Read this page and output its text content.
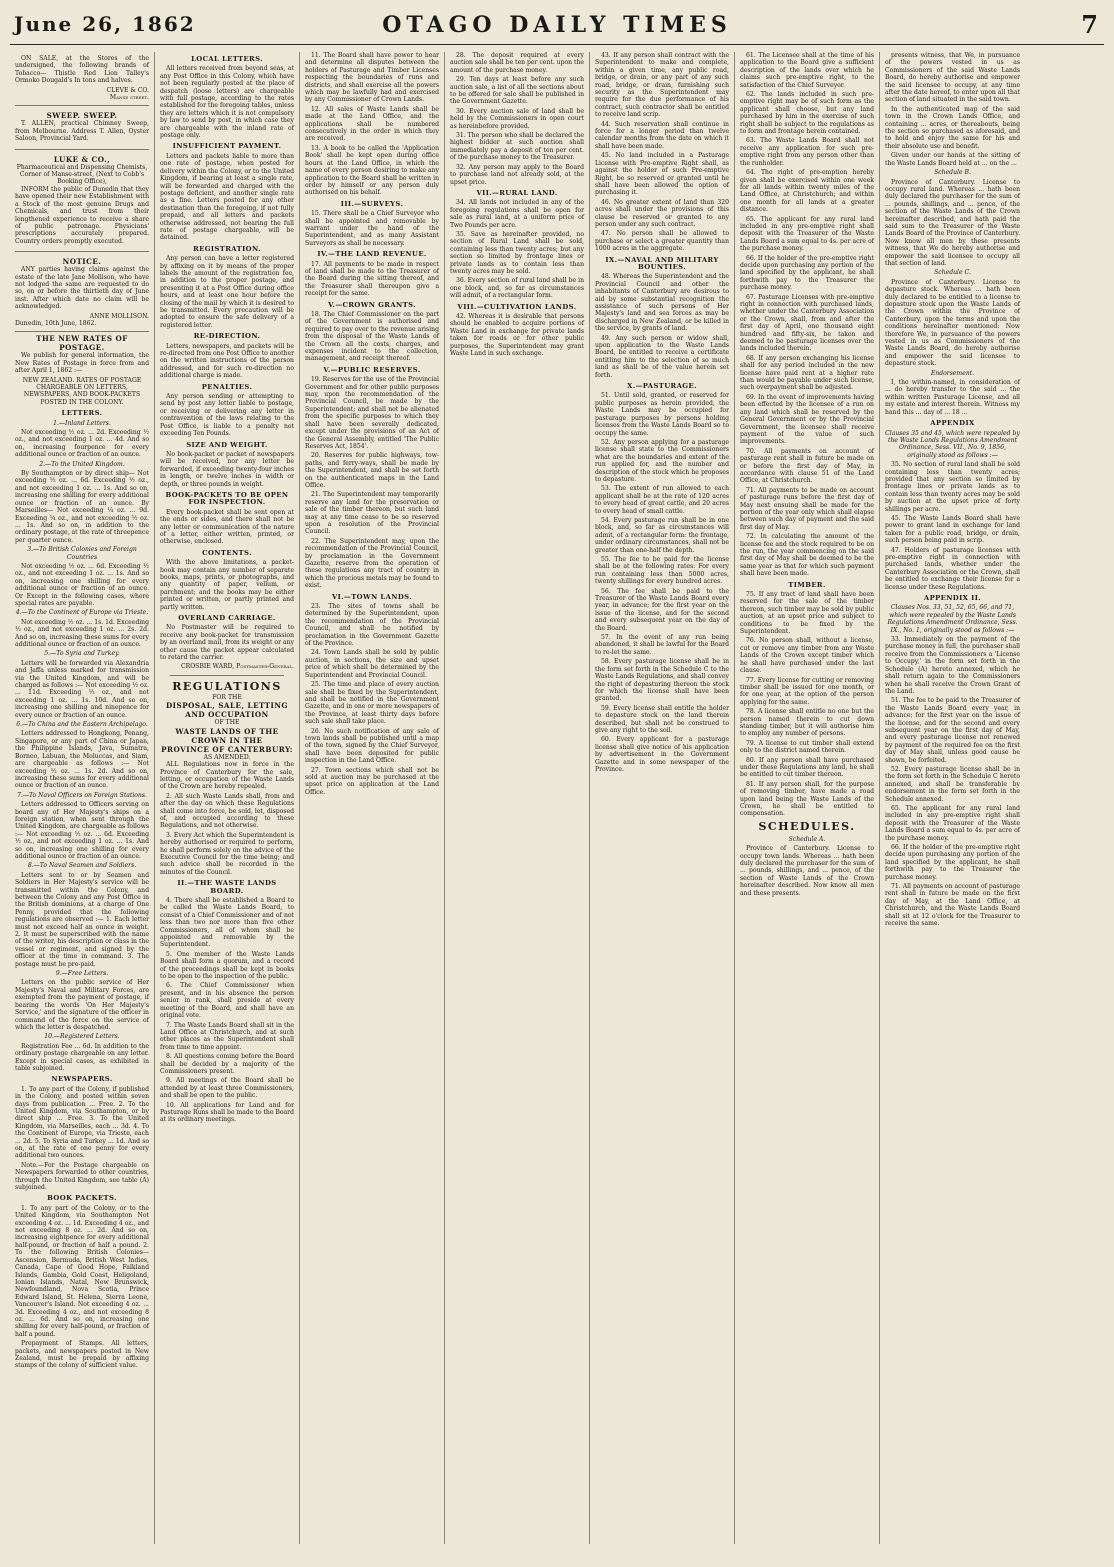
June 26, 1862	OTAGO DAILY TIMES	7

ON SALE, at the Stores of the undersigned, the following brands of Tobacco— Thistle Red Lion Talley's Ormoko Dougald's In tons and halves.

CLEVE & CO.
Manse street.
SWEEP. SWEEP.

T. ALLEN, practical Chimney Sweep, from Melbourne. Address T. Allen, Oyster Saloon, Provincial Yard.

LUKE & CO.,
Pharmaceutical and Dispensing Chemists, Corner of Manse-street, (Next to Cobb's Booking Office),

INFORM the public of Dunedin that they have opened their new Establishment with a Stock of the most genuine Drugs and Chemicals, and trust from their lengthened experience to receive a share of public patronage. Physicians' prescriptions accurately prepared. Country orders promptly executed.

NOTICE.

ANY parties having claims against the estate of the late Jane Mollison, who have not lodged the same are requested to do so, on or before the thirtieth day of June inst. After which date no claim will be acknowledged.

ANNE MOLLISON.
Dunedin, 10th June, 1862.
THE NEW RATES OF POSTAGE.

We publish for general information, the New Rates of Postage in force from and after April 1, 1862 :—

NEW ZEALAND. RATES OF POSTAGE CHARGEABLE ON LETTERS, NEWSPAPERS, AND BOOK-PACKETS POSTED IN THE COLONY.
LETTERS.
1.—Inland Letters.

Not exceeding ½ oz. ... 2d. Exceeding ½ oz., and not exceeding 1 oz. ... 4d. And so on, increasing fourpence for every additional ounce or fraction of an ounce.

2.—To the United Kingdom.

By Southampton or by direct ship— Not exceeding ½ oz. ... 6d. Exceeding ½ oz., and not exceeding 1 oz. ... 1s. And so on, increasing one shilling for every additional ounce or fraction of an ounce. By Marseilles— Not exceeding ¼ oz. ... 9d. Exceeding ¼ oz., and not exceeding ½ oz. ... 1s. And so on, in addition to the ordinary postage, at the rate of threepence per quarter ounce.

3.—To British Colonies and Foreign Countries

Not exceeding ½ oz. ... 6d. Exceeding ½ oz., and not exceeding 1 oz. ... 1s. And so on, increasing one shilling for every additional ounce or fraction of an ounce. Or Except in the following cases, where special rates are payable.

4.—To the Continent of Europe via Trieste.

Not exceeding ½ oz. ... 1s. 1d. Exceeding ½ oz., and not exceeding 1 oz. ... 2s. 2d. And so on, increasing these sums for every additional ounce or fraction of an ounce.

5.—To Syria and Turkey.

Letters will be forwarded via Alexandria and Jaffa unless marked for transmission via the United Kingdom, and will be charged as follows :— Not exceeding ½ oz. ... 11d. Exceeding ½ oz., and not exceeding 1 oz. ... 1s. 10d. And so on, increasing one shilling and ninepence for every ounce or fraction of an ounce.

6.—To China and the Eastern Archipelago.

Letters addressed to Hongkong, Penang, Singapore, or any part of China or Japan, the Philippine Islands, Java, Sumatra, Borneo, Labuan, the Moluccas, and Siam, are chargeable as follows :— Not exceeding ½ oz. ... 1s. 2d. And so on, increasing these sums for every additional ounce or fraction of an ounce.

7.—To Naval Officers on Foreign Stations.

Letters addressed to Officers serving on board any of Her Majesty's ships on a foreign station, when sent through the United Kingdom, are chargeable as follows :— Not exceeding ½ oz. ... 6d. Exceeding ½ oz., and not exceeding 1 oz. ... 1s. And so on, increasing one shilling for every additional ounce or fraction of an ounce.

8.—To Naval Seamen and Soldiers.

Letters sent to or by Seamen and Soldiers in Her Majesty's service will be transmitted within the Colony, and between the Colony and any Post Office in the British dominions, at a charge of One Penny, provided that the following regulations are observed :— 1. Each letter must not exceed half an ounce in weight. 2. It must be superscribed with the name of the writer, his description or class in the vessel or regiment, and signed by the officer at the time in command. 3. The postage must be pre-paid.

9.—Free Letters.

Letters on the public service of Her Majesty's Naval and Military Forces, are exempted from the payment of postage, if bearing the words 'On Her Majesty's Service,' and the signature of the officer in command of the force on the service of which the letter is despatched.

10.—Registered Letters.

Registration Fee ... 6d. In addition to the ordinary postage chargeable on any letter. Except in special cases, as exhibited in table subjoined.

NEWSPAPERS.

1. To any part of the Colony, if published in the Colony, and posted within seven days from publication ... Free. 2. To the United Kingdom, via Southampton, or by direct ship ... Free. 3. To the United Kingdom, via Marseilles, each ... 3d. 4. To the Continent of Europe, via Trieste, each ... 2d. 5. To Syria and Turkey ... 1d. And so on, at the rate of one penny for every additional two ounces.

Note.—For the Postage chargeable on Newspapers forwarded to other countries, through the United Kingdom, see table (A) subjoined.

BOOK PACKETS.

1. To any part of the Colony, or to the United Kingdom, via Southampton Not exceeding 4 oz. ... 1d. Exceeding 4 oz., and not exceeding 8 oz. ... 2d. And so on, increasing eightpence for every additional half-pound, or fraction of half a pound. 2. To the following British Colonies— Ascension, Bermuda, British West Indies, Canada, Cape of Good Hope, Falkland Islands, Gambia, Gold Coast, Heligoland, Ionian Islands, Natal, New Brunswick, Newfoundland, Nova Scotia, Prince Edward Island, St. Helena, Sierra Leone, Vancouver's Island. Not exceeding 4 oz. ... 3d. Exceeding 4 oz., and not exceeding 8 oz. ... 6d. And so on, increasing one shilling for every half-pound, or fraction of half a pound.

Prepayment of Stamps. All letters, packets, and newspapers posted in New Zealand, must be prepaid by affixing stamps of the colony of sufficient value.

LOCAL LETTERS.

All letters received from beyond seas, at any Post Office in this Colony, which have not been regularly posted at the place of despatch (loose letters) are chargeable with full postage, according to the rates established for the foregoing tables, unless they are letters which it is not compulsory by law to send by post, in which case they are chargeable with the inland rate of postage only.

INSUFFICIENT PAYMENT.

Letters and packets liable to more than one rate of postage, when posted for delivery within the Colony, or to the United Kingdom, if bearing at least a single rate, will be forwarded and charged with the postage deficient, and another single rate as a fine. Letters posted for any other destination than the foregoing, if not fully prepaid, and all letters and packets otherwise addressed, not bearing the full rate of postage chargeable, will be detained.

REGISTRATION.

Any person can have a letter registered by affixing on it by means of the proper labels the amount of the registration fee, in addition to the proper postage, and presenting it at a Post Office during office hours, and at least one hour before the closing of the mail by which it is desired to be transmitted. Every precaution will be adopted to ensure the safe delivery of a registered letter.

RE-DIRECTION.

Letters, newspapers, and packets will be re-directed from one Post Office to another on the written instructions of the person addressed, and for such re-direction no additional charge is made.

PENALTIES.

Any person sending or attempting to send by post any letter liable to postage, or receiving or delivering any letter in contravention of the laws relating to the Post Office, is liable to a penalty not exceeding Ten Pounds.

SIZE AND WEIGHT.

No book-packet or packet of newspapers will be received, nor any letter be forwarded, if exceeding twenty-four inches in length, or twelve inches in width or depth, or three pounds in weight.

BOOK-PACKETS TO BE OPEN FOR INSPECTION.

Every book-packet shall be sent open at the ends or sides, and there shall not be any letter or communication of the nature of a letter, either written, printed, or otherwise, enclosed.

CONTENTS.

With the above limitations, a packet-book may contain any number of separate books, maps, prints, or photographs, and any quantity of paper, vellum, or parchment; and the books may be either printed or written, or partly printed and partly written.

OVERLAND CARRIAGE.

No Postmaster will be required to receive any book-packet for transmission by an overland mail, from its weight or any other cause the packet appear calculated to retard the carrier.

CROSBIE WARD, Postmaster-General.
REGULATIONS
FOR THE
DISPOSAL, SALE, LETTING AND OCCUPATION
OF THE
WASTE LANDS OF THE CROWN IN THE
PROVINCE OF CANTERBURY:
AS AMENDED.

ALL Regulations now in force in the Province of Canterbury for the sale, letting, or occupation of the Waste Lands of the Crown are hereby repealed.

2. All such Waste Lands shall, from and after the day on which these Regulations shall come into force, be sold, let, disposed of, and occupied according to these Regulations, and not otherwise.

3. Every Act which the Superintendent is hereby authorised or required to perform, he shall perform solely on the advice of the Executive Council for the time being; and such advice shall be recorded in the minutes of the Council.

II.—THE WASTE LANDS BOARD.

4. There shall be established a Board to be called the Waste Lands Board, to consist of a Chief Commissioner and of not less than two nor more than five other Commissioners, all of whom shall be appointed and removable by the Superintendent.

5. One member of the Waste Lands Board shall form a quorum, and a record of the proceedings shall be kept in books to be open to the inspection of the public.

6. The Chief Commissioner when present, and in his absence the person senior in rank, shall preside at every meeting of the Board, and shall have an original vote.

7. The Waste Lands Board shall sit in the Land Office at Christchurch, and at such other places as the Superintendent shall from time to time appoint.

8. All questions coming before the Board shall be decided by a majority of the Commissioners present.

9. All meetings of the Board shall be attended by at least three Commissioners, and shall be open to the public.

10. All applications for Land and for Pasturage Runs shall be made to the Board at its ordinary meetings.

11. The Board shall have power to hear and determine all disputes between the holders of Pasturage and Timber Licenses respecting the boundaries of runs and districts, and shall exercise all the powers which may be lawfully had and exercised by any Commissioner of Crown Lands.

12. All sales of Waste Lands shall be made at the Land Office, and the applications shall be numbered consecutively in the order in which they are received.

13. A book to be called the 'Application Book' shall be kept open during office hours at the Land Office, in which the name of every person desiring to make any application to the Board shall be written in order by himself or any person duly authorised on his behalf.

III.—SURVEYS.

15. There shall be a Chief Surveyor who shall be appointed and removable by warrant under the hand of the Superintendent, and as many Assistant Surveyors as shall be necessary.

IV.—THE LAND REVENUE.

17. All payments to be made in respect of land shall be made to the Treasurer of the Board during the sitting thereof, and the Treasurer shall thereupon give a receipt for the same.

V.—CROWN GRANTS.

18. The Chief Commissioner on the part of the Government is authorised and required to pay over to the revenue arising from the disposal of the Waste Lands of the Crown all the costs, charges, and expenses incident to the collection, management, and receipt thereof.

V.—PUBLIC RESERVES.

19. Reserves for the use of the Provincial Government and for other public purposes may, upon the recommendation of the Provincial Council, be made by the Superintendent; and shall not be alienated from the specific purposes to which they shall have been severally dedicated, except under the provisions of an Act of the General Assembly, entitled 'The Public Reserves Act, 1854'.

20. Reserves for public highways, tow-paths, and ferry-ways, shall be made by the Superintendent, and shall be set forth on the authenticated maps in the Land Office.

21. The Superintendent may temporarily reserve any land for the preservation or sale of the timber thereon, but such land may at any time cease to be so reserved upon a resolution of the Provincial Council.

22. The Superintendent may, upon the recommendation of the Provincial Council, by proclamation in the Government Gazette, reserve from the operation of these regulations any tract of country in which the precious metals may be found to exist.

VI.—TOWN LANDS.

23. The sites of towns shall be determined by the Superintendent, upon the recommendation of the Provincial Council, and shall be notified by proclamation in the Government Gazette of the Province.

24. Town Lands shall be sold by public auction, in sections, the size and upset price of which shall be determined by the Superintendent and Provincial Council.

25. The time and place of every auction sale shall be fixed by the Superintendent, and shall be notified in the Government Gazette, and in one or more newspapers of the Province, at least thirty days before such sale shall take place.

26. No such notification of any sale of town lands shall be published until a map of the town, signed by the Chief Surveyor, shall have been deposited for public inspection in the Land Office.

27. Town sections which shall not be sold at auction may be purchased at the upset price on application at the Land Office.

28. The deposit required at every auction sale shall be ten per cent. upon the amount of the purchase money.

29. Ten days at least before any such auction sale, a list of all the sections about to be offered for sale shall be published in the Government Gazette.

30. Every auction sale of land shall be held by the Commissioners in open court as hereinbefore provided.

31. The person who shall be declared the highest bidder at such auction shall immediately pay a deposit of ten per cent. of the purchase money to the Treasurer.

32. Any person may apply to the Board to purchase land not already sold, at the upset price.

VII.—RURAL LAND.

34. All lands not included in any of the foregoing regulations shall be open for sale as rural land, at a uniform price of Two Pounds per acre.

35. Save as hereinafter provided, no section of Rural Land shall be sold, containing less than twenty acres; but any section so limited by frontage lines or private lands as to contain less than twenty acres may be sold.

36. Every section of rural land shall be in one block, and, so far as circumstances will admit, of a rectangular form.

VIII.—CULTIVATION LANDS.

42. Whereas it is desirable that persons should be enabled to acquire portions of Waste Land in exchange for private lands taken for roads or for other public purposes, the Superintendent may grant Waste Land in such exchange.

43. If any person shall contract with the Superintendent to make and complete, within a given time, any public road, bridge, or drain, or any part of any such road, bridge, or drain, furnishing such security as the Superintendent may require for the due performance of his contract, such contractor shall be entitled to receive land scrip.

44. Such reservation shall continue in force for a longer period than twelve calendar months from the date on which it shall have been made.

45. No land included in a Pasturage License with Pre-emptive Right shall, as against the holder of such Pre-emptive Right, be so reserved or granted until he shall have been allowed the option of purchasing it.

46. No greater extent of land than 320 acres shall under the provisions of this clause be reserved or granted to any person under any such contract.

47. No person shall be allowed to purchase or select a greater quantity than 1000 acres in the aggregate.

IX.—NAVAL AND MILITARY BOUNTIES.

48. Whereas the Superintendent and the Provincial Council and other the inhabitants of Canterbury are desirous to aid by some substantial recognition the assistance of such persons of Her Majesty's land and sea forces as may be discharged in New Zealand, or be killed in the service, by grants of land.

49. Any such person or widow shall, upon application to the Waste Lands Board, be entitled to receive a certificate entitling him to the selection of so much land as shall be of the value herein set forth.

X.—PASTURAGE.

51. Until sold, granted, or reserved for public purposes as herein provided, the Waste Lands may be occupied for pasturage purposes by persons holding licenses from the Waste Lands Board so to occupy the same.

52. Any person applying for a pasturage license shall state to the Commissioners what are the boundaries and extent of the run applied for, and the number and description of the stock which he proposes to depasture.

53. The extent of run allowed to each applicant shall be at the rate of 120 acres to every head of great cattle, and 20 acres to every head of small cattle.

54. Every pasturage run shall be in one block, and, so far as circumstances will admit, of a rectangular form: the frontage, under ordinary circumstances, shall not be greater than one-half the depth.

55. The fee to be paid for the license shall be at the following rates: For every run containing less than 5000 acres, twenty shillings for every hundred acres.

56. The fee shall be paid to the Treasurer of the Waste Lands Board every year, in advance; for the first year on the issue of the license, and for the second and every subsequent year on the day of the Board.

57. In the event of any run being abandoned, it shall be lawful for the Board to re-let the same.

58. Every pasturage license shall be in the form set forth in the Schedule C to the Waste Lands Regulations, and shall convey the right of depasturing thereon the stock for which the license shall have been granted.

59. Every license shall entitle the holder to depasture stock on the land therein described, but shall not be construed to give any right to the soil.

60. Every applicant for a pasturage license shall give notice of his application by advertisement in the Government Gazette and in some newspaper of the Province.

61. The Licensee shall at the time of his application to the Board give a sufficient description of the lands over which he claims such pre-emptive right, to the satisfaction of the Chief Surveyor.

62. The lands included in such pre-emptive right may be of such form as the applicant shall choose, but any land purchased by him in the exercise of such right shall be subject to the regulations as to form and frontage herein contained.

63. The Waste Lands Board shall not receive any application for such pre-emptive right from any person other than the runholder.

64. The right of pre-emption hereby given shall be exercised within one week for all lands within twenty miles of the Land Office, at Christchurch; and within one month for all lands at a greater distance.

65. The applicant for any rural land included in any pre-emptive right shall deposit with the Treasurer of the Waste Lands Board a sum equal to 4s. per acre of the purchase money.

66. If the holder of the pre-emptive right decide upon purchasing any portion of the land specified by the applicant, he shall forthwith pay to the Treasurer the purchase money.

67. Pasturage Licenses with pre-emptive right in connection with purchased lands, whether under the Canterbury Association or the Crown, shall, from and after the first day of April, one thousand eight hundred and fifty-six, be taken and deemed to be pasturage licenses over the lands included therein.

68. If any person exchanging his license shall for any period included in the new license have paid rent at a higher rate than would be payable under such license, such overpayment shall be adjusted.

69. In the event of improvements having been effected by the licensee of a run on any land which shall be reserved by the General Government or by the Provincial Government, the licensee shall receive payment of the value of such improvements.

70. All payments on account of pasturage rent shall in future be made on or before the first day of May, in accordance with clause 51 of the Land Office, at Christchurch.

71. All payments to be made on account of pasturage runs before the first day of May next ensuing shall be made for the portion of the year only which shall elapse between such day of payment and the said first day of May.

72. In calculating the amount of the license fee and the stock required to be on the run, the year commencing on the said first day of May shall be deemed to be the same year as that for which such payment shall have been made.

TIMBER.

75. If any tract of land shall have been reserved for the sale of the timber thereon, such timber may be sold by public auction, at an upset price and subject to conditions to be fixed by the Superintendent.

76. No person shall, without a license, cut or remove any timber from any Waste Lands of the Crown except timber which he shall have purchased under the last clause.

77. Every license for cutting or removing timber shall be issued for one month, or for one year, at the option of the person applying for the same.

78. A license shall entitle no one but the person named therein to cut down standing timber, but it will authorise him to employ any number of persons.

79. A license to cut timber shall extend only to the district named therein.

80. If any person shall have purchased under these Regulations any land, he shall be entitled to cut timber thereon.

81. If any person shall, for the purpose of removing timber, have made a road upon land being the Waste Lands of the Crown, he shall be entitled to compensation.

SCHEDULES.
Schedule A.

Province of Canterbury. License to occupy town lands. Whereas ... hath been duly declared the purchaser for the sum of ... pounds, shillings, and ... pence, of the section of Waste Lands of the Crown hereinafter described. Now know all men and these presents.

presents witness, that We, in pursuance of the powers vested in us as Commissioners of the said Waste Lands Board, do hereby authorise and empower the said licensee to occupy, at any time after the date hereof, to enter upon all that section of land situated in the said town.

In the authenticated map of the said town in the Crown Lands Office, and containing ... acres, or thereabouts, being the section so purchased as aforesaid, and to hold and enjoy the same for his and their absolute use and benefit.

Given under our hands at the sitting of the Waste Lands Board held at ... on the ...

Schedule B.

Province of Canterbury. License to occupy rural land. Whereas ... hath been duly declared the purchaser for the sum of ... pounds, shillings, and ... pence, of the section of the Waste Lands of the Crown hereinafter described, and hath paid the said sum to the Treasurer of the Waste Lands Board of the Province of Canterbury. Now know all men by these presents witness, that We do hereby authorise and empower the said licensee to occupy all that section of land.

Schedule C.

Province of Canterbury. License to depasture stock. Whereas ... hath been duly declared to be entitled to a license to depasture stock upon the Waste Lands of the Crown within the Province of Canterbury, upon the terms and upon the conditions hereinafter mentioned: Now therefore We, in pursuance of the powers vested in us as Commissioners of the Waste Lands Board, do hereby authorise and empower the said licensee to depasture stock.

Endorsement.

I, the within-named, in consideration of ... do hereby transfer to the said ... the within written Pasturage License, and all my estate and interest therein. Witness my hand this ... day of ... 18 ...

APPENDIX
Clauses 35 and 45, which were repealed by the Waste Lands Regulations Amendment Ordinance, Sess. VII., No. 9, 1856, originally stood as follows :—

35. No section of rural land shall be sold containing less than twenty acres; provided that any section so limited by frontage lines or private lands as to contain less than twenty acres may be sold by auction at the upset price of forty shillings per acre.

45. The Waste Lands Board shall have power to grant land in exchange for land taken for a public road, bridge, or drain, such person being paid in scrip.

47. Holders of pasturage licenses with pre-emptive right in connection with purchased lands, whether under the Canterbury Association or the Crown, shall be entitled to exchange their license for a license under these Regulations.

APPENDIX II.
Clauses Nos. 33, 51, 52, 65, 66, and 71, which were repealed by the Waste Lands Regulations Amendment Ordinance, Sess. IX., No. 1, originally stood as follows :—

33. Immediately on the payment of the purchase money in full, the purchaser shall receive from the Commissioners a 'License to Occupy,' in the form set forth in the Schedule (A) hereto annexed, which he shall return again to the Commissioners when he shall receive the Crown Grant of the Land.

51. The fee to be paid to the Treasurer of the Waste Lands Board every year, in advance; for the first year on the issue of the license, and for the second and every subsequent year on the first day of May, and every pasturage license not renewed by payment of the required fee on the first day of May shall, unless good cause be shown, be forfeited.

52. Every pasturage license shall be in the form set forth in the Schedule C hereto annexed, and shall be transferable by endorsement in the form set forth in the Schedule annexed.

65. The applicant for any rural land included in any pre-emptive right shall deposit with the Treasurer of the Waste Lands Board a sum equal to 4s. per acre of the purchase money.

66. If the holder of the pre-emptive right decide upon purchasing any portion of the land specified by the applicant, he shall forthwith pay to the Treasurer the purchase money.

71. All payments on account of pasturage rent shall in future be made on the first day of May, at the Land Office, at Christchurch, and the Waste Lands Board shall sit at 12 o'clock for the Treasurer to receive the same.
